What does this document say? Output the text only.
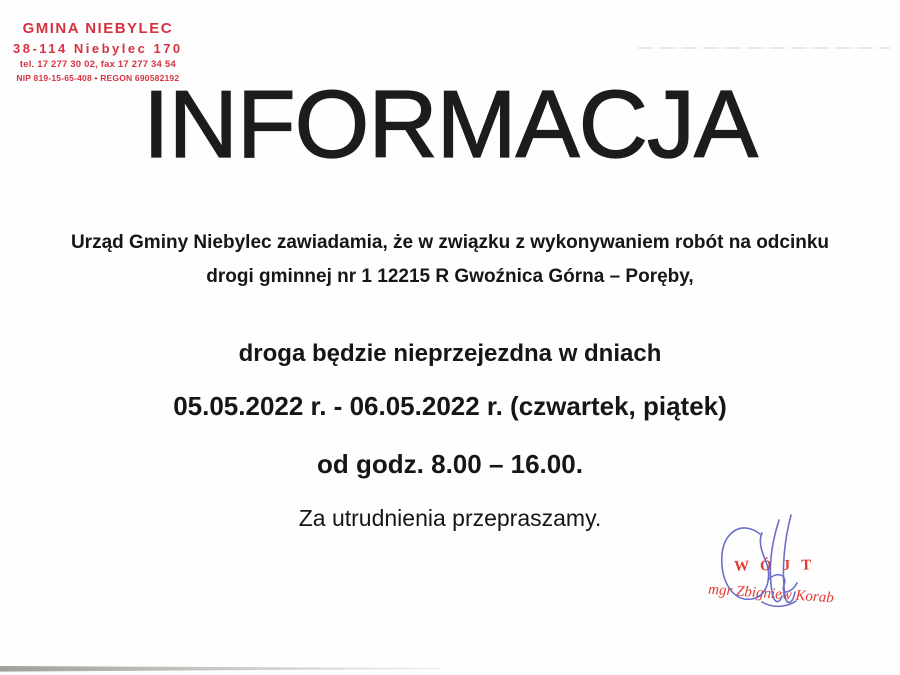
GMINA NIEBYLEC
38-114 Niebylec 170
tel. 17 277 30 02, fax 17 277 34 54
NIP 819-15-65-408 • REGON 690582192
INFORMACJA
Urząd Gminy Niebylec zawiadamia, że w związku z wykonywaniem robót na odcinku
drogi gminnej nr 1 12215 R Gwoźnica Górna – Poręby,
droga będzie nieprzejezdna w dniach
05.05.2022 r. - 06.05.2022 r. (czwartek, piątek)
od godz. 8.00 – 16.00.
Za utrudnienia przepraszamy.
WÓJT
mgr Zbigniew Korab
